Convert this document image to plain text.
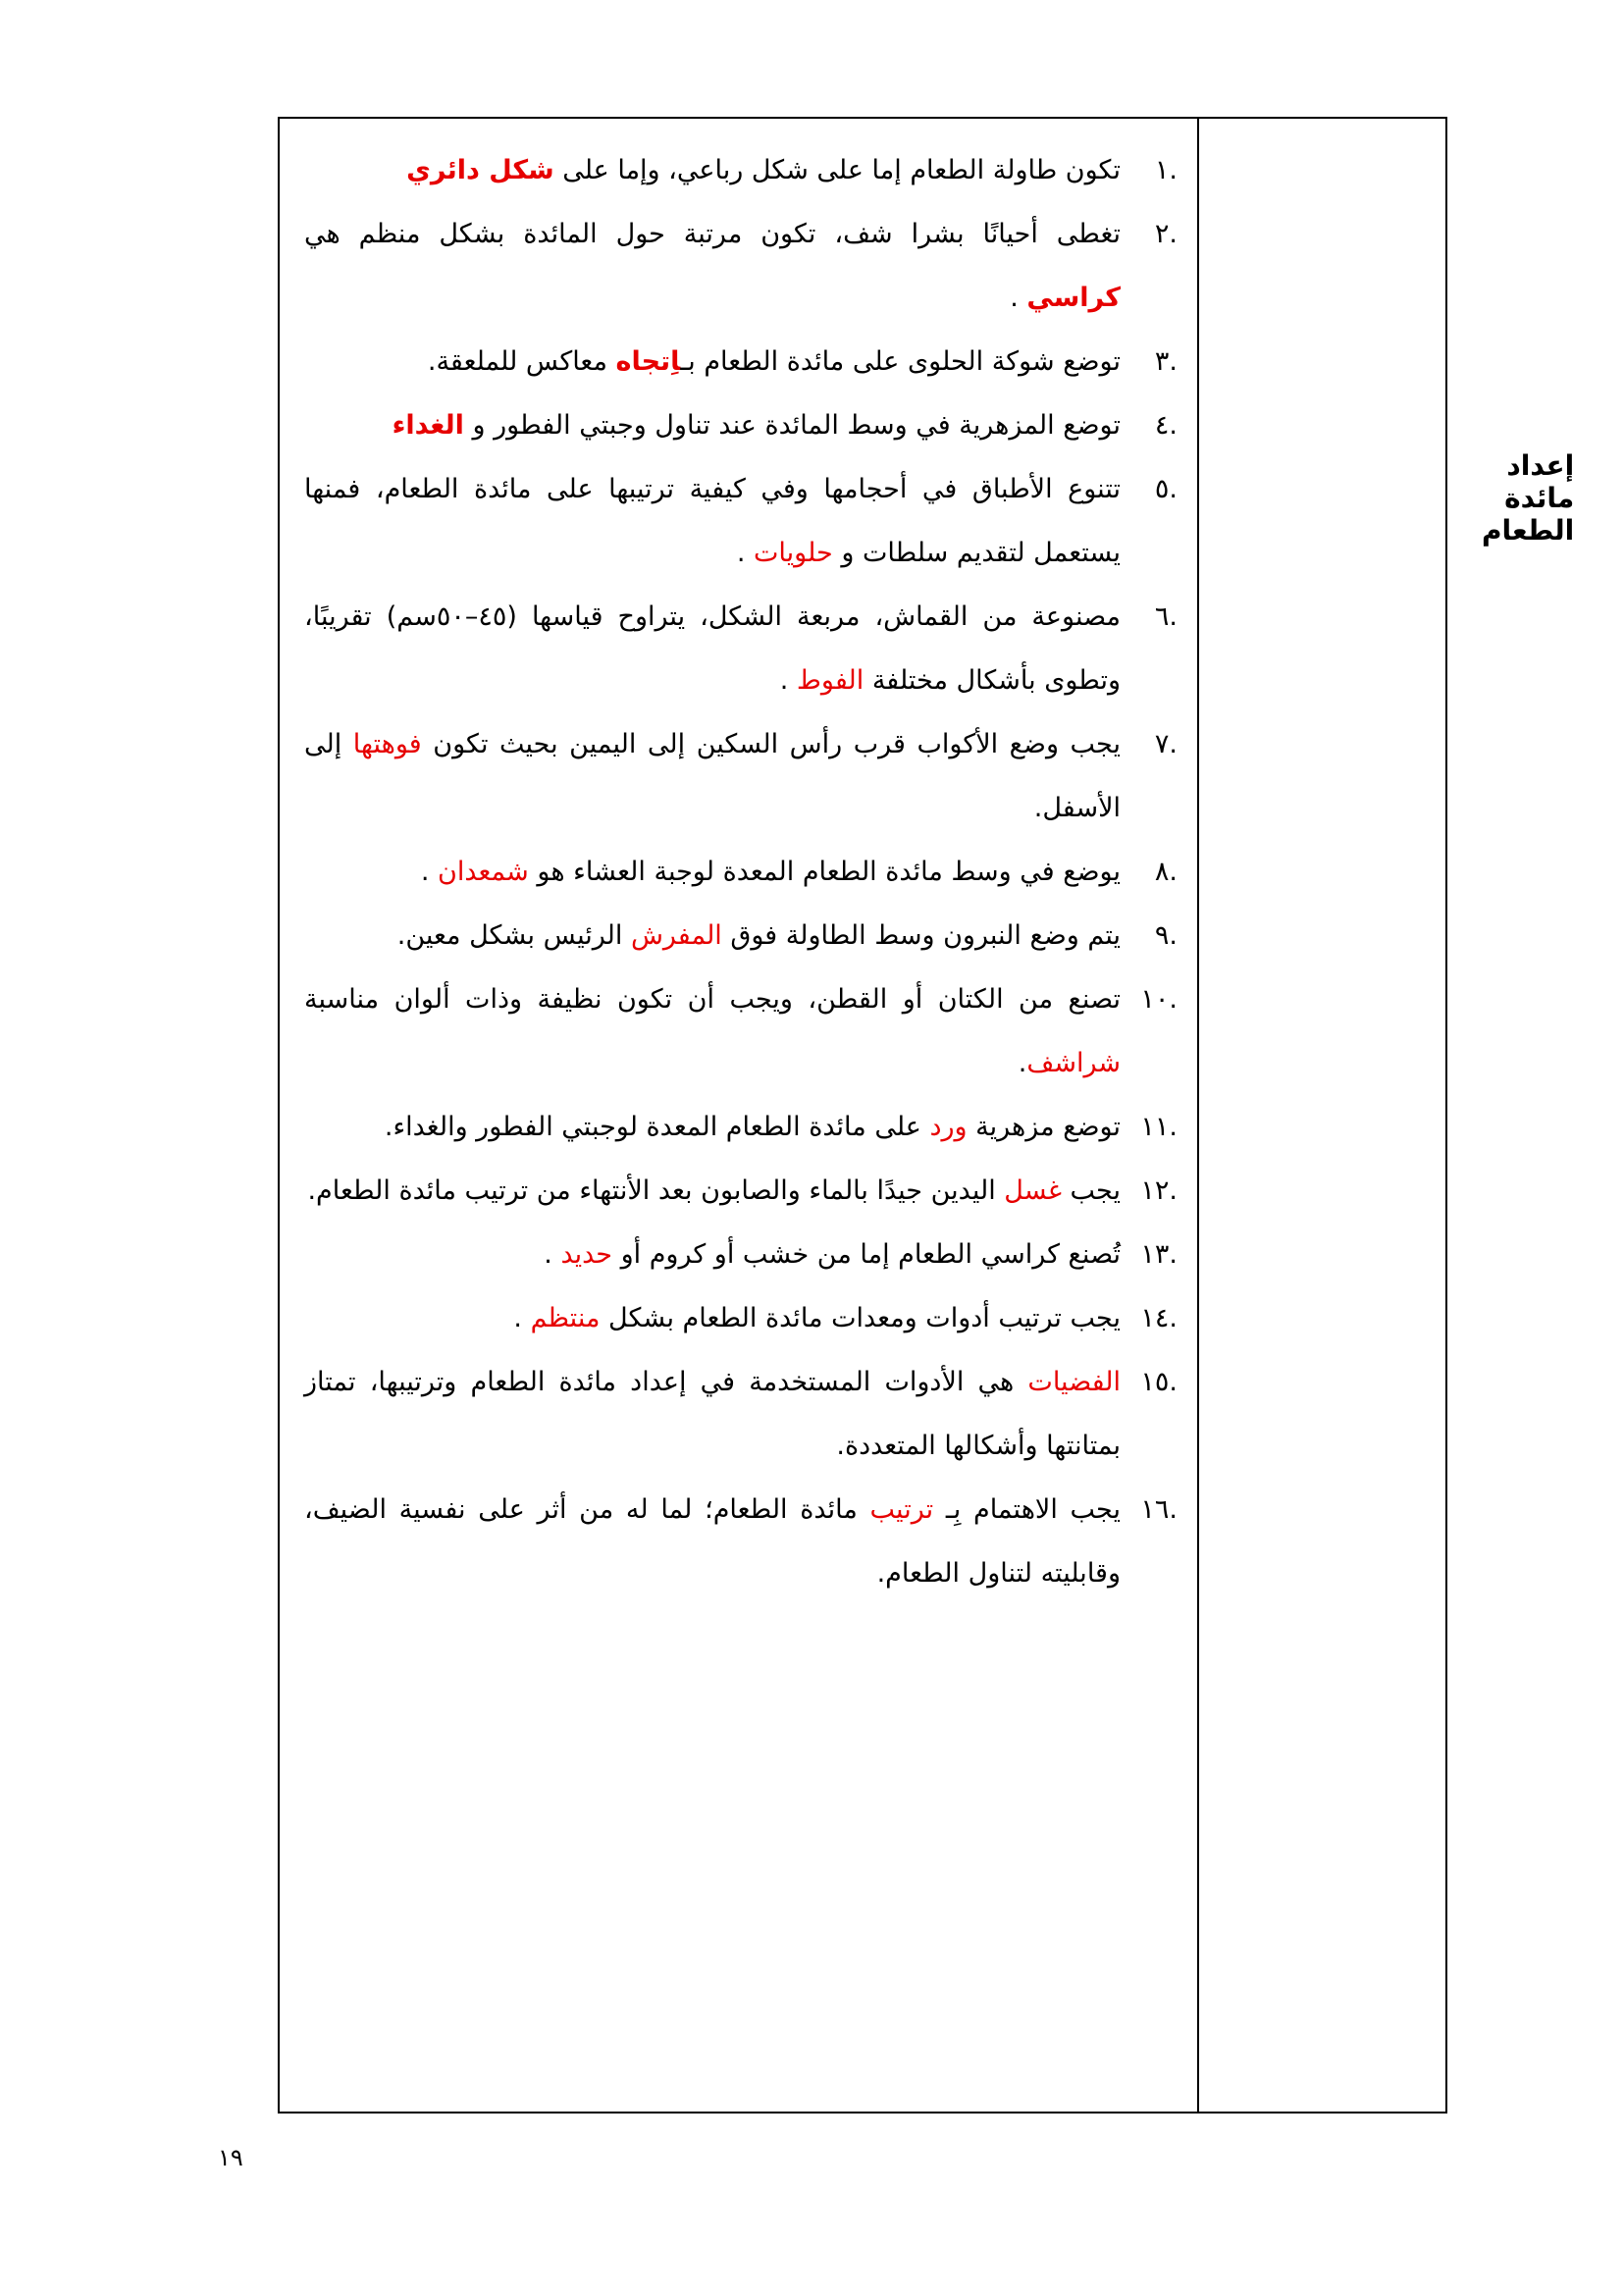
إعداد مائدة الطعام
.١
تكون طاولة الطعام إما على شكل رباعي، وإما على شكل دائري
.٢
تغطى أحيانًا بشرا شف، تكون مرتبة حول المائدة بشكل منظم هي كراسي .
.٣
توضع شوكة الحلوى على مائدة الطعام بـاِتجاه معاكس للملعقة.
.٤
توضع المزهرية في وسط المائدة عند تناول وجبتي الفطور و الغداء
.٥
تتنوع الأطباق في أحجامها وفي كيفية ترتيبها على مائدة الطعام، فمنها يستعمل لتقديم سلطات و حلويات .
.٦
مصنوعة من القماش، مربعة الشكل، يتراوح قياسها (٤٥–٥٠سم) تقريبًا، وتطوى بأشكال مختلفة الفوط .
.٧
يجب وضع الأكواب قرب رأس السكين إلى اليمين بحيث تكون فوهتها إلى الأسفل.
.٨
يوضع في وسط مائدة الطعام المعدة لوجبة العشاء هو شمعدان .
.٩
يتم وضع النبرون وسط الطاولة فوق المفرش الرئيس بشكل معين.
.١٠
تصنع من الكتان أو القطن، ويجب أن تكون نظيفة وذات ألوان مناسبة شراشف.
.١١
توضع مزهرية ورد على مائدة الطعام المعدة لوجبتي الفطور والغداء.
.١٢
يجب غسل اليدين جيدًا بالماء والصابون بعد الأنتهاء من ترتيب مائدة الطعام.
.١٣
تُصنع كراسي الطعام إما من خشب أو كروم أو حديد .
.١٤
يجب ترتيب أدوات ومعدات مائدة الطعام بشكل منتظم .
.١٥
الفضيات هي الأدوات المستخدمة في إعداد مائدة الطعام وترتيبها، تمتاز بمتانتها وأشكالها المتعددة.
.١٦
يجب الاهتمام بِـ ترتيب مائدة الطعام؛ لما له من أثر على نفسية الضيف، وقابليته لتناول الطعام.
١٩
